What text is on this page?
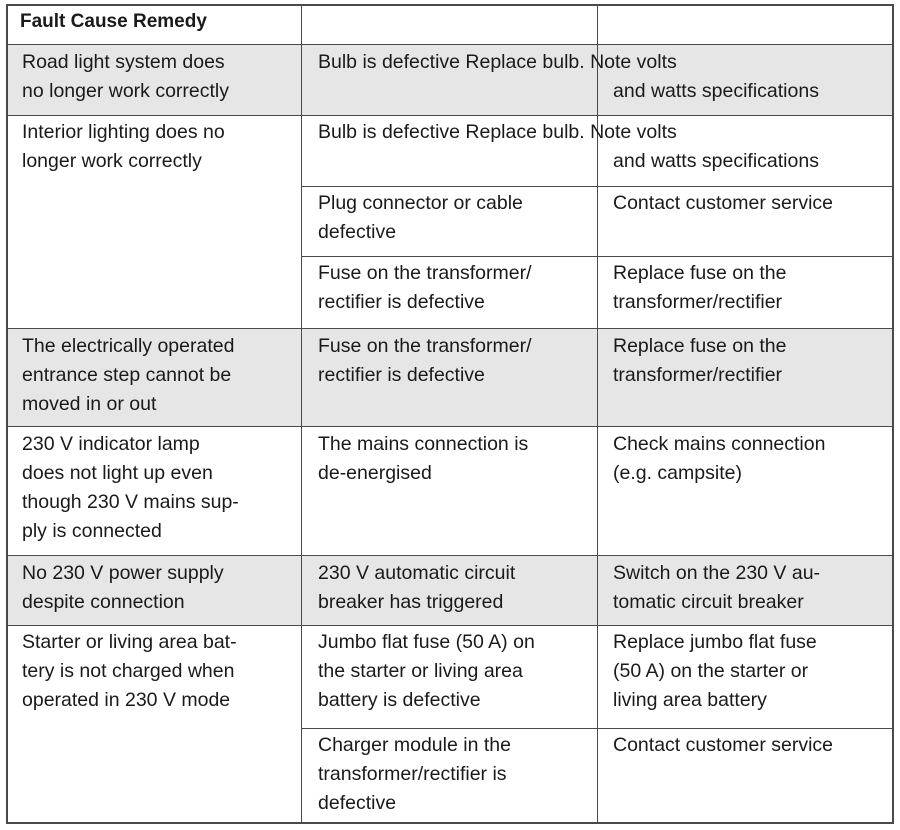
Fault Cause Remedy
Road light system does
no longer work correctly
Bulb is defective Replace bulb. Note volts
and watts specifications
Interior lighting does no
longer work correctly
Bulb is defective Replace bulb. Note volts
and watts specifications
Plug connector or cable
defective
Contact customer service
Fuse on the transformer/
rectifier is defective
Replace fuse on the
transformer/rectifier
The electrically operated
entrance step cannot be
moved in or out
Fuse on the transformer/
rectifier is defective
Replace fuse on the
transformer/rectifier
230 V indicator lamp
does not light up even
though 230 V mains sup-
ply is connected
The mains connection is
de-energised
Check mains connection
(e.g. campsite)
No 230 V power supply
despite connection
230 V automatic circuit
breaker has triggered
Switch on the 230 V au-
tomatic circuit breaker
Starter or living area bat-
tery is not charged when
operated in 230 V mode
Jumbo flat fuse (50 A) on
the starter or living area
battery is defective
Replace jumbo flat fuse
(50 A) on the starter or
living area battery
Charger module in the
transformer/rectifier is
defective
Contact customer service
